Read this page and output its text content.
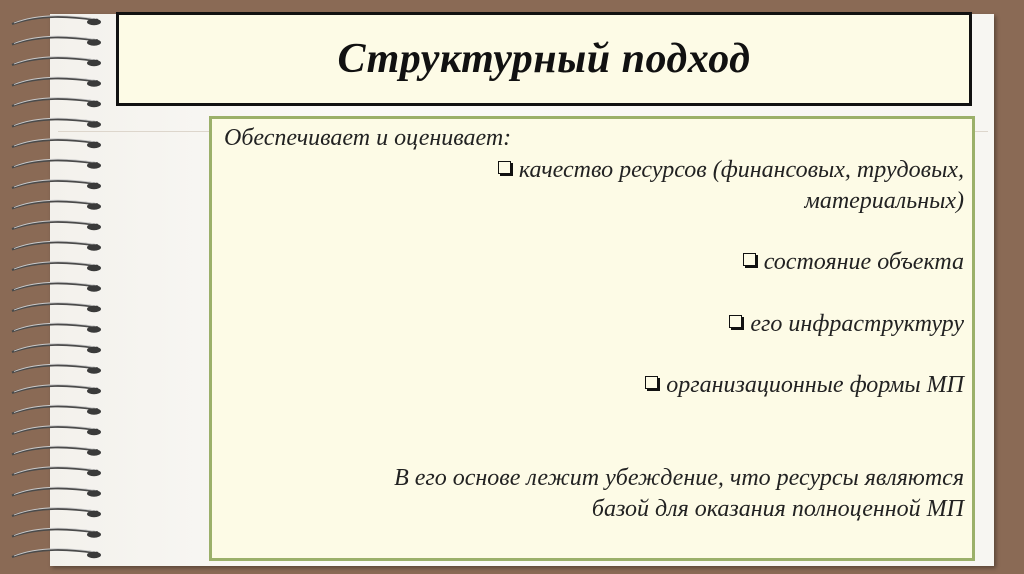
Структурный подход
Обеспечивает и оценивает:
качество ресурсов (финансовых, трудовых,
материальных)
состояние объекта
его инфраструктуру
организационные формы МП
В его основе лежит убеждение, что ресурсы являются
базой для оказания полноценной МП
